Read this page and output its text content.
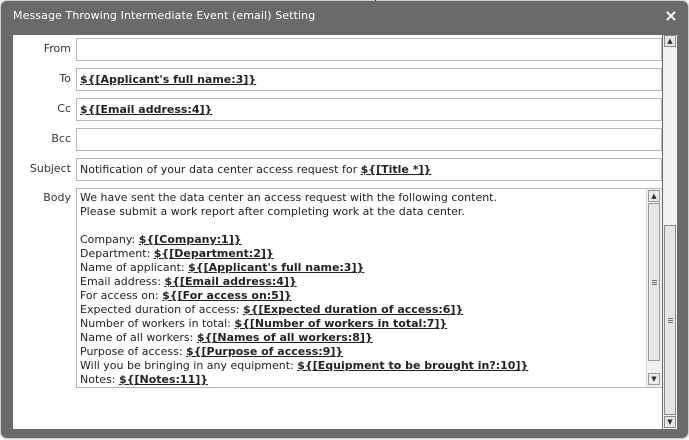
Message Throwing Intermediate Event (email) Setting	×
From
To ${[Applicant's full name:3]}
Cc ${[Email address:4]}
Bcc
Subject Notification of your data center access request for ${[Title *]}
Body We have sent the data center an access request with the following content.
Please submit a work report after completing work at the data center.

Company: ${[Company:1]}
Department: ${[Department:2]}
Name of applicant: ${[Applicant's full name:3]}
Email address: ${[Email address:4]}
For access on: ${[For access on:5]}
Expected duration of access: ${[Expected duration of access:6]}
Number of workers in total: ${[Number of workers in total:7]}
Name of all workers: ${[Names of all workers:8]}
Purpose of access: ${[Purpose of access:9]}
Will you be bringing in any equipment: ${[Equipment to be brought in?:10]}
Notes: ${[Notes:11]}
▲
▼
▲
▼
